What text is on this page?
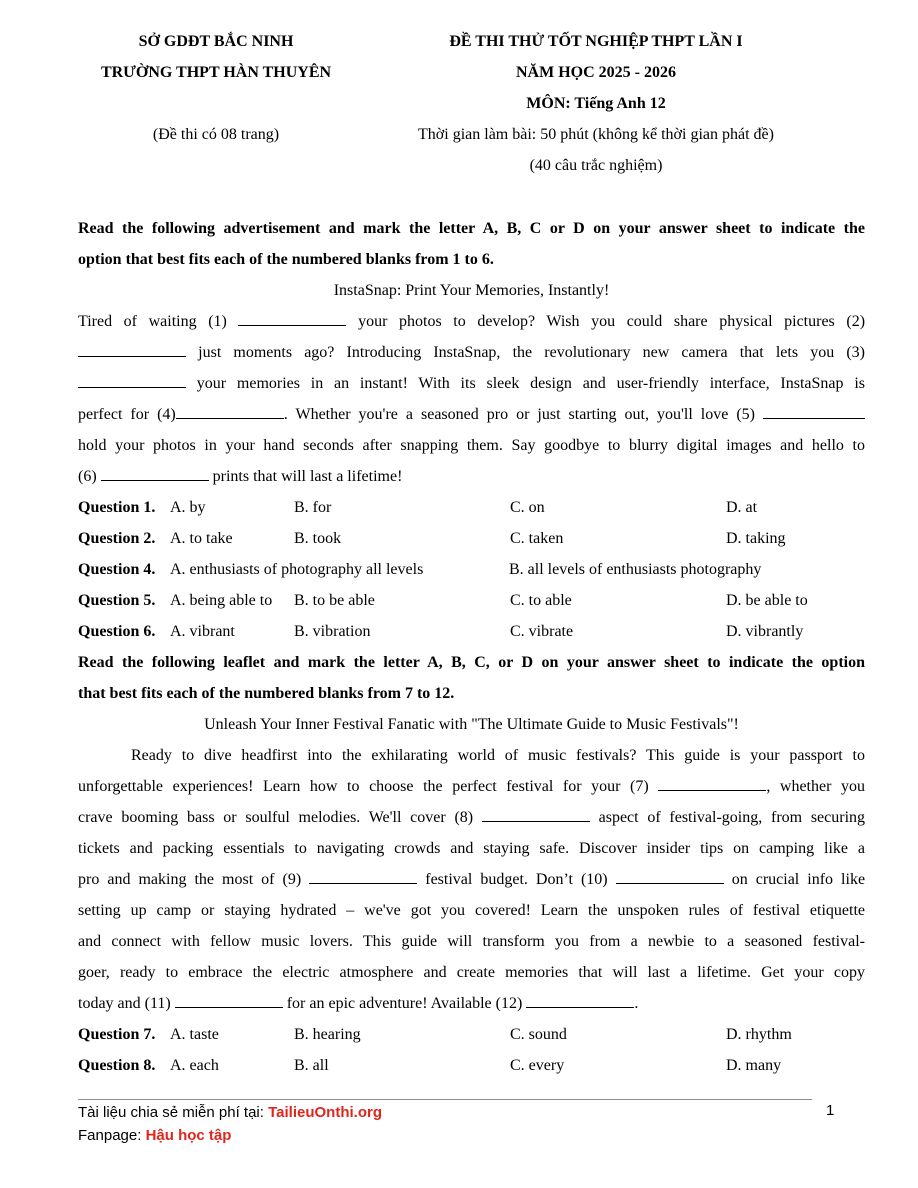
SỞ GDĐT BẮC NINH
TRƯỜNG THPT HÀN THUYÊN
(Đề thi có 08 trang)
ĐỀ THI THỬ TỐT NGHIỆP THPT LẦN I
NĂM HỌC 2025 - 2026
MÔN: Tiếng Anh 12
Thời gian làm bài: 50 phút (không kể thời gian phát đề)
(40 câu trắc nghiệm)
Read the following advertisement and mark the letter A, B, C or D on your answer sheet to indicate the
option that best fits each of the numbered blanks from 1 to 6.
InstaSnap: Print Your Memories, Instantly!
Tired of waiting (1)	your photos to develop? Wish you could share physical pictures (2)
just moments ago? Introducing InstaSnap, the revolutionary new camera that lets you (3)
your memories in an instant! With its sleek design and user-friendly interface, InstaSnap is
perfect for (4)	. Whether you're a seasoned pro or just starting out, you'll love (5)
hold your photos in your hand seconds after snapping them. Say goodbye to blurry digital images and hello to
(6)	prints that will last a lifetime!
Question 1. A. by	B. for	C. on	D. at
Question 2. A. to take	B. took	C. taken	D. taking
Question 4. A. enthusiasts of photography all levels	B. all levels of enthusiasts photography
Question 5. A. being able to B. to be able	C. to able	D. be able to
Question 6. A. vibrant	B. vibration	C. vibrate	D. vibrantly
Read the following leaflet and mark the letter A, B, C, or D on your answer sheet to indicate the option
that best fits each of the numbered blanks from 7 to 12.
Unleash Your Inner Festival Fanatic with "The Ultimate Guide to Music Festivals"!
Ready to dive headfirst into the exhilarating world of music festivals? This guide is your passport to
unforgettable experiences! Learn how to choose the perfect festival for your (7)	, whether you
crave booming bass or soulful melodies. We'll cover (8)	aspect of festival-going, from securing
tickets and packing essentials to navigating crowds and staying safe. Discover insider tips on camping like a
pro and making the most of (9)	festival budget. Don’t (10)	on crucial info like
setting up camp or staying hydrated – we've got you covered! Learn the unspoken rules of festival etiquette
and connect with fellow music lovers. This guide will transform you from a newbie to a seasoned festival-
goer, ready to embrace the electric atmosphere and create memories that will last a lifetime. Get your copy
today and (11)	for an epic adventure! Available (12)	.
Question 7. A. taste	B. hearing	C. sound	D. rhythm
Question 8. A. each	B. all	C. every	D. many
Tài liệu chia sẻ miễn phí tại: TailieuOnthi.org
Fanpage: Hậu học tập
1
